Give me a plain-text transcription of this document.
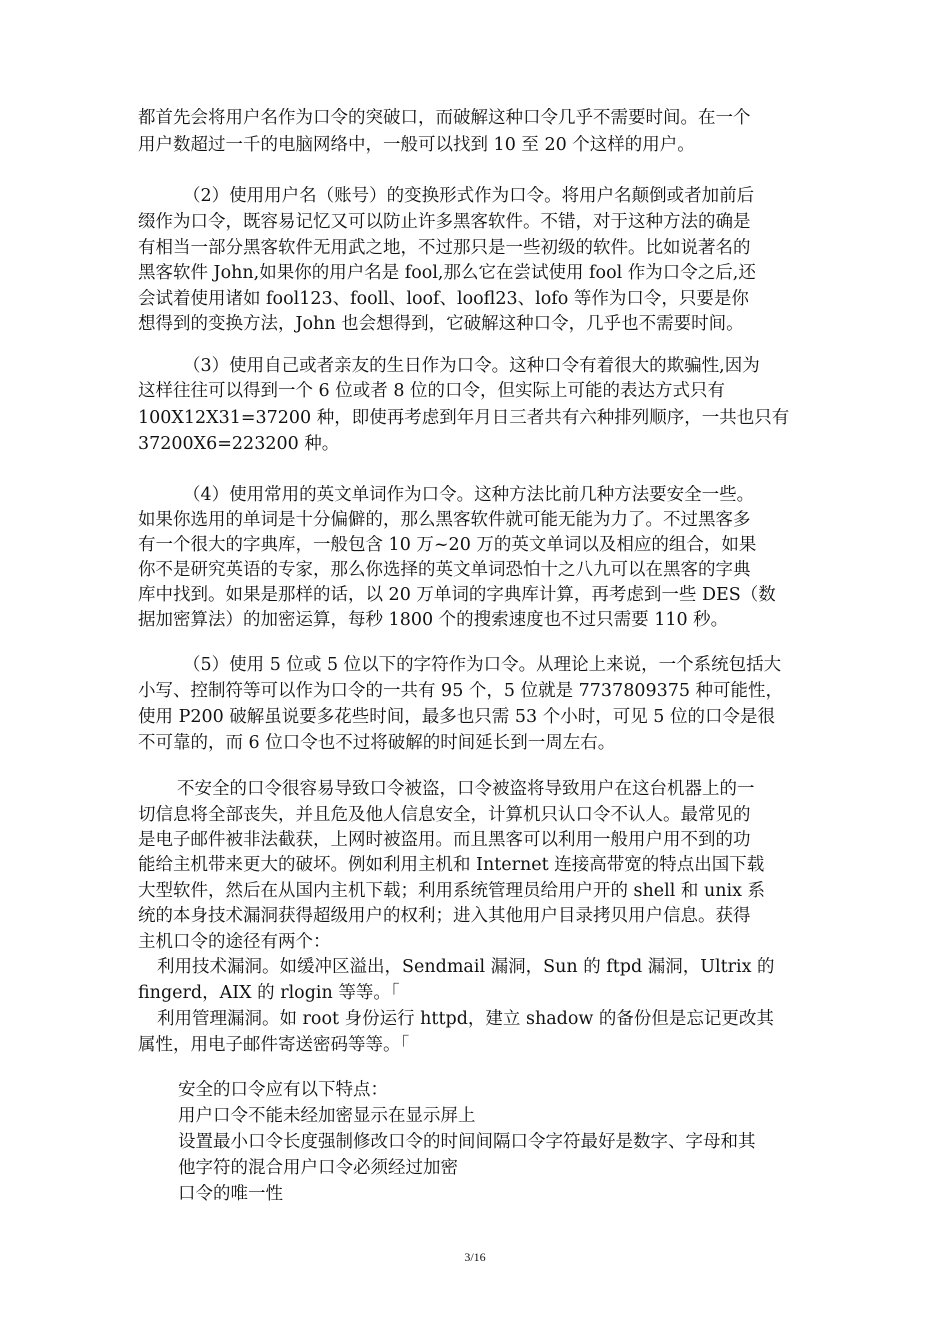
都首先会将用户名作为口令的突破口，而破解这种口令几乎不需要时间。在一个
用户数超过一千的电脑网络中，一般可以找到 10 至 20 个这样的用户。
（2）使用用户名（账号）的变换形式作为口令。将用户名颠倒或者加前后
缀作为口令，既容易记忆又可以防止许多黑客软件。不错，对于这种方法的确是
有相当一部分黑客软件无用武之地，不过那只是一些初级的软件。比如说著名的
黑客软件 John,如果你的用户名是 fool,那么它在尝试使用 fool 作为口令之后,还
会试着使用诸如 fool123、fooll、loof、loofl23、lofo 等作为口令，只要是你
想得到的变换方法，John 也会想得到，它破解这种口令，几乎也不需要时间。
（3）使用自己或者亲友的生日作为口令。这种口令有着很大的欺骗性,因为
这样往往可以得到一个 6 位或者 8 位的口令，但实际上可能的表达方式只有
100X12X31=37200 种，即使再考虑到年月日三者共有六种排列顺序，一共也只有
37200X6=223200 种。
（4）使用常用的英文单词作为口令。这种方法比前几种方法要安全一些。
如果你选用的单词是十分偏僻的，那么黑客软件就可能无能为力了。不过黑客多
有一个很大的字典库，一般包含 10 万~20 万的英文单词以及相应的组合，如果
你不是研究英语的专家，那么你选择的英文单词恐怕十之八九可以在黑客的字典
库中找到。如果是那样的话，以 20 万单词的字典库计算，再考虑到一些 DES（数
据加密算法）的加密运算，每秒 1800 个的搜索速度也不过只需要 110 秒。
（5）使用 5 位或 5 位以下的字符作为口令。从理论上来说，一个系统包括大
小写、控制符等可以作为口令的一共有 95 个，5 位就是 7737809375 种可能性，
使用 P200 破解虽说要多花些时间，最多也只需 53 个小时，可见 5 位的口令是很
不可靠的，而 6 位口令也不过将破解的时间延长到一周左右。
不安全的口令很容易导致口令被盗，口令被盗将导致用户在这台机器上的一
切信息将全部丧失，并且危及他人信息安全，计算机只认口令不认人。最常见的
是电子邮件被非法截获，上网时被盗用。而且黑客可以利用一般用户用不到的功
能给主机带来更大的破坏。例如利用主机和 Internet 连接高带宽的特点出国下载
大型软件，然后在从国内主机下载；利用系统管理员给用户开的 shell 和 unix 系
统的本身技术漏洞获得超级用户的权利；进入其他用户目录拷贝用户信息。获得
主机口令的途径有两个：
利用技术漏洞。如缓冲区溢出，Sendmail 漏洞，Sun 的 ftpd 漏洞，Ultrix 的
fingerd，AIX 的 rlogin 等等。「
利用管理漏洞。如 root 身份运行 httpd，建立 shadow 的备份但是忘记更改其
属性，用电子邮件寄送密码等等。「
安全的口令应有以下特点：
用户口令不能未经加密显示在显示屏上
设置最小口令长度强制修改口令的时间间隔口令字符最好是数字、字母和其
他字符的混合用户口令必须经过加密
口令的唯一性
3/16
